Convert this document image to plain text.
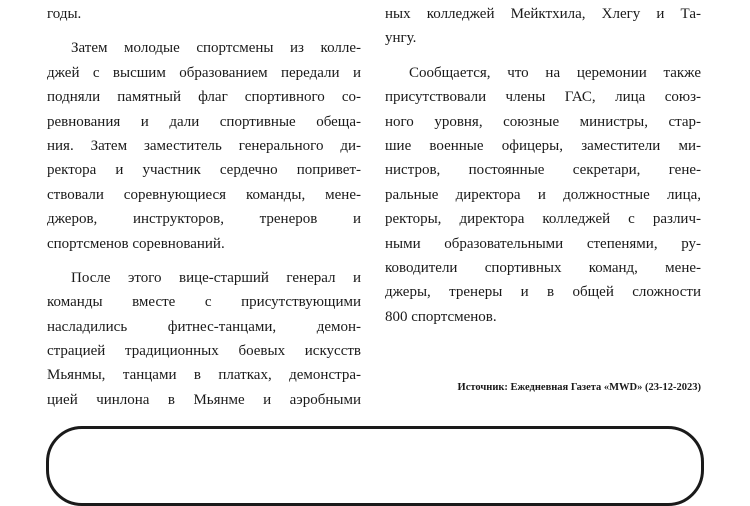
годы.
Затем молодые спортсмены из колле-
джей с высшим образованием передали и
подняли памятный флаг спортивного со-
ревнования и дали спортивные обеща-
ния. Затем заместитель генерального ди-
ректора и участник сердечно попривет-
ствовали соревнующиеся команды, мене-
джеров, инструкторов, тренеров и
спортсменов соревнований.
После этого вице-старший генерал и
команды вместе с присутствующими
насладились фитнес-танцами, демон-
страцией традиционных боевых искусств
Мьянмы, танцами в платках, демонстра-
цией чинлона в Мьянме и аэробными
ных колледжей Мейктхила, Хлегу и Та-
унгу.
Сообщается, что на церемонии также
присутствовали члены ГАС, лица союз-
ного уровня, союзные министры, стар-
шие военные офицеры, заместители ми-
нистров, постоянные секретари, гене-
ральные директора и должностные лица,
ректоры, директора колледжей с различ-
ными образовательными степенями, ру-
ководители спортивных команд, мене-
джеры, тренеры и в общей сложности
800 спортсменов.
Источник: Ежедневная Газета «MWD» (23-12-2023)
